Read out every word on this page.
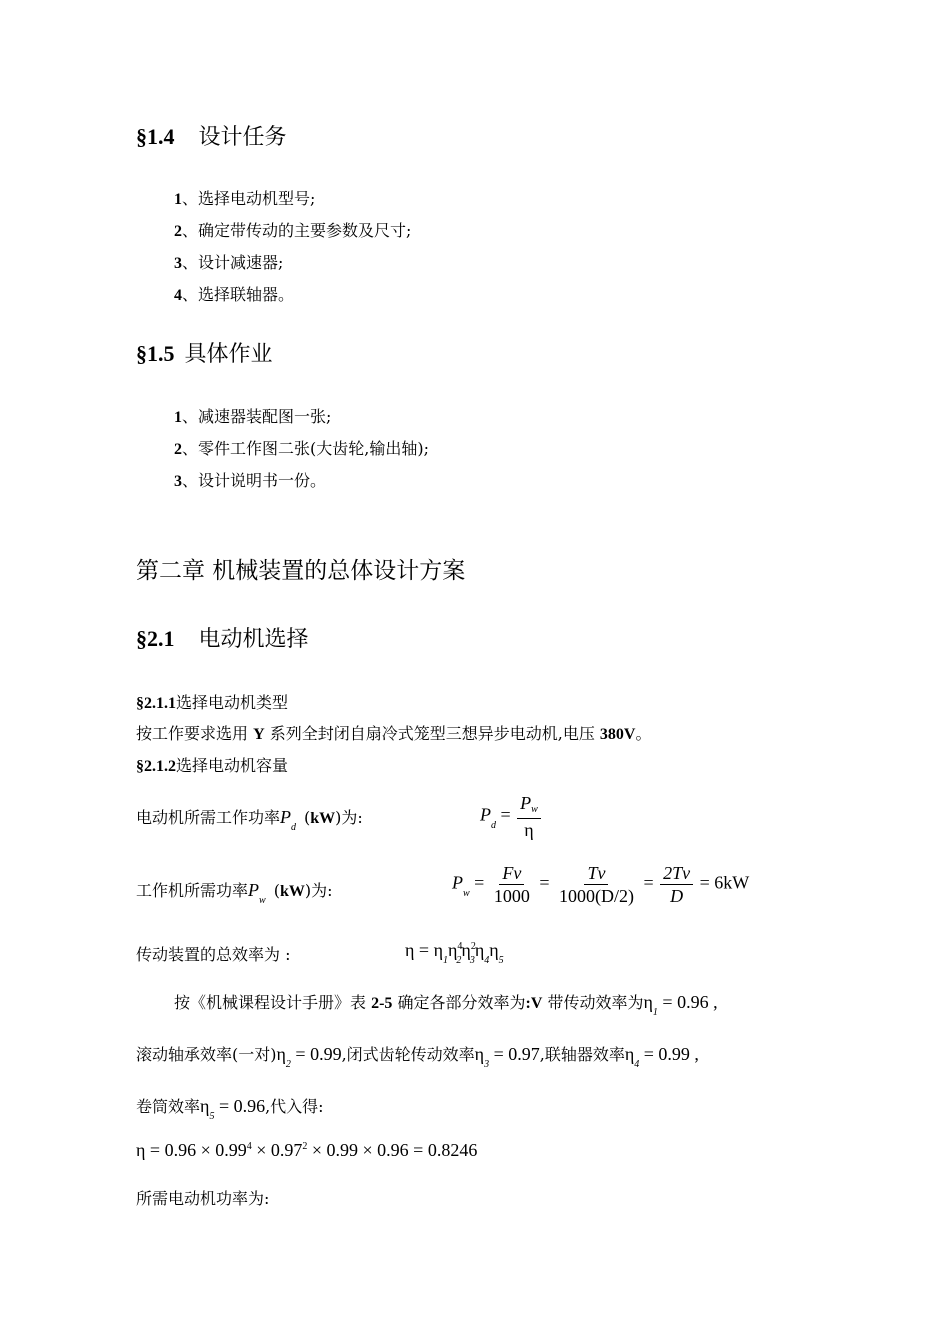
§1.4 设计任务
1、选择电动机型号;
2、确定带传动的主要参数及尺寸;
3、设计减速器;
4、选择联轴器。
§1.5 具体作业
1、减速器装配图一张;
2、零件工作图二张(大齿轮,输出轴);
3、设计说明书一份。
第二章 机械装置的总体设计方案
§2.1 电动机选择
§2.1.1选择电动机类型
按工作要求选用 Y 系列全封闭自扇冷式笼型三想异步电动机,电压 380V。
§2.1.2选择电动机容量
电动机所需工作功率$P_d(kW)$为:	$P_d = \frac{Pw}{\eta}$
工作机所需功率$P_w(kW)$为:	$P_w = \frac{Fv}{1000} = \frac{Tv}{1000(D/2)} = \frac{2Tv}{D} = 6kW$
传动装置的总效率为 :	$\eta = \eta_1\eta^4_2\eta^2_3\eta_4\eta_5$
按《机械课程设计手册》表 2-5 确定各部分效率为:V 带传动效率为$\eta_1 = 0.96$ ,
滚动轴承效率(一对)$\eta_2 = 0.99$,闭式齿轮传动效率$\eta_3 = 0.97$,联轴器效率$\eta_4 = 0.99$ ,
卷筒效率$\eta_5 = 0.96$,代入得:
$\eta = 0.96 \times 0.99^4 \times 0.97^2 \times 0.99 \times 0.96 = 0.8246$
所需电动机功率为:
